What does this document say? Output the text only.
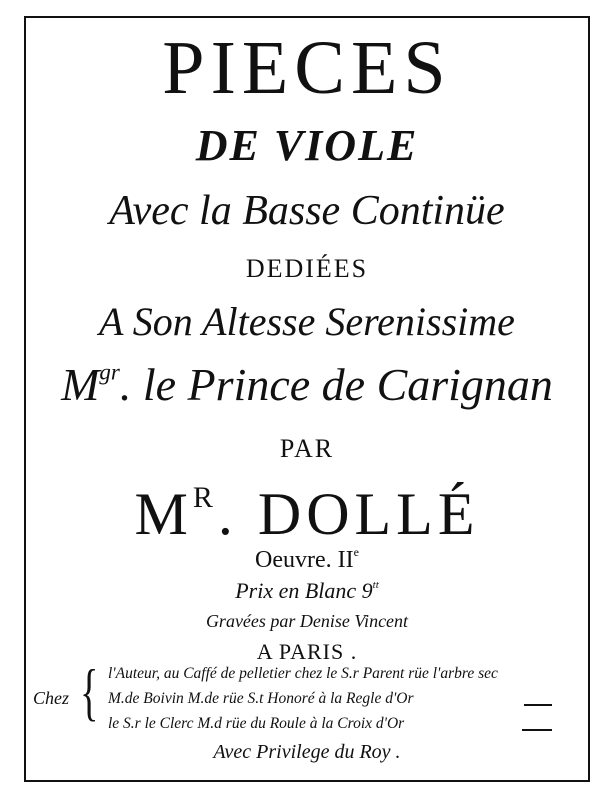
PIECES
DE VIOLE
Avec la Basse Continüe
DEDIÉES
A Son Altesse Serenissime
$M^{gr}$. le Prince de Carignan
PAR
$M^R$. DOLLÉ
Oeuvre. IIe
Prix en Blanc $9^{tt}$
Gravées par Denise Vincent
A PARIS .
Chez { l'Auteur, au Caffé de pelletier chez le S.r Parent rüe l'arbre sec
M.de Boivin M.de rüe S.t Honoré à la Regle d'Or
le S.r le Clerc M.d rüe du Roule à la Croix d'Or
Avec Privilege du Roy .
